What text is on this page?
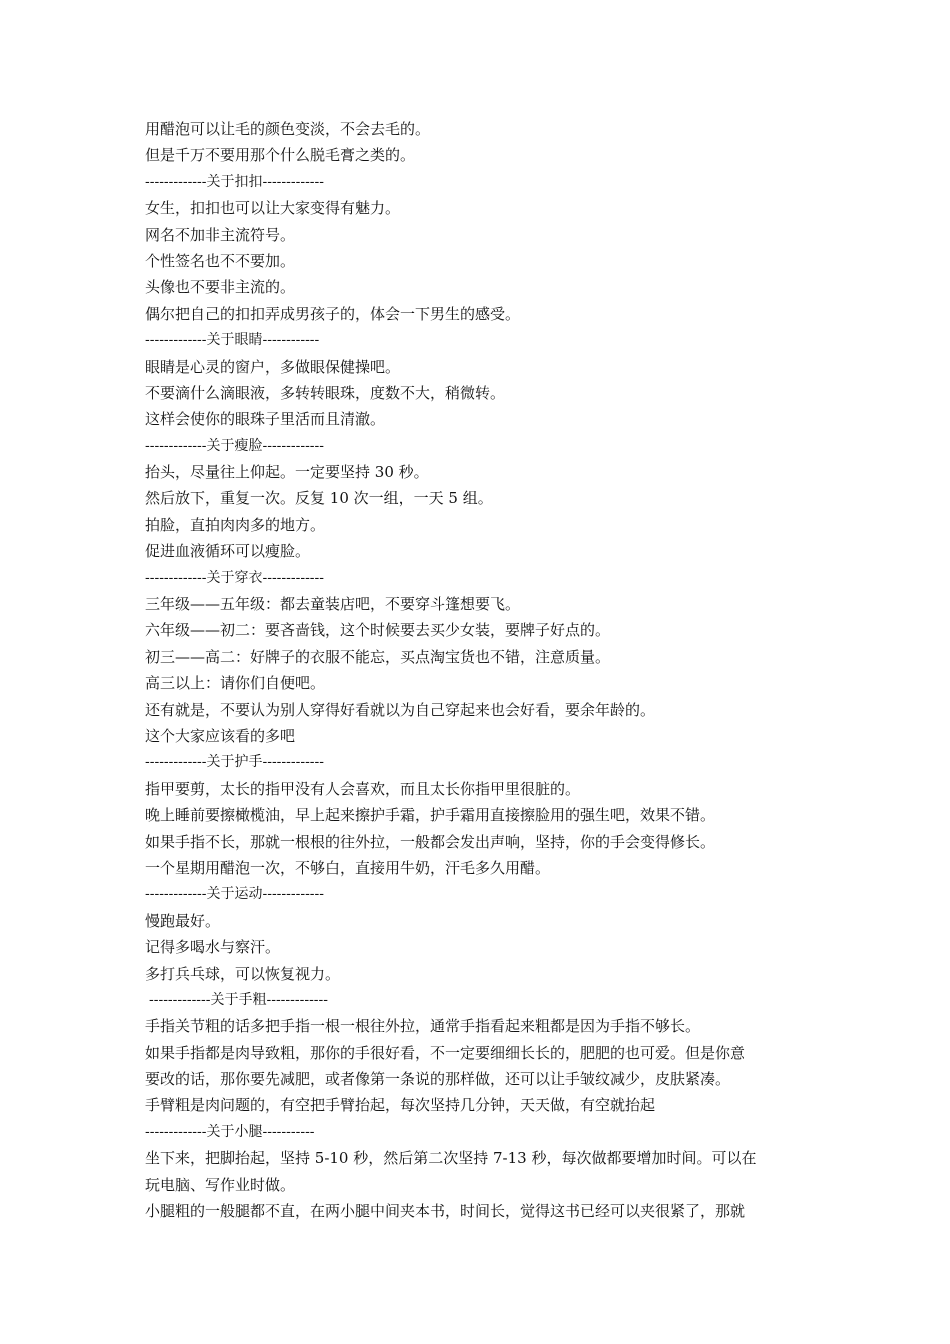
用醋泡可以让毛的颜色变淡，不会去毛的。

但是千万不要用那个什么脱毛膏之类的。

-------------关于扣扣-------------

女生，扣扣也可以让大家变得有魅力。

网名不加非主流符号。

个性签名也不不要加。

头像也不要非主流的。

偶尔把自己的扣扣弄成男孩子的，体会一下男生的感受。

-------------关于眼睛------------

眼睛是心灵的窗户，多做眼保健操吧。

不要滴什么滴眼液，多转转眼珠，度数不大，稍微转。

这样会使你的眼珠子里活而且清澈。

-------------关于瘦脸-------------

抬头，尽量往上仰起。一定要坚持 30 秒。

然后放下，重复一次。反复 10 次一组，一天 5 组。

拍脸，直拍肉肉多的地方。

促进血液循环可以瘦脸。

-------------关于穿衣-------------

三年级——五年级：都去童装店吧，不要穿斗篷想要飞。

六年级——初二：要吝啬钱，这个时候要去买少女装，要牌子好点的。

初三——高二：好牌子的衣服不能忘，买点淘宝货也不错，注意质量。

高三以上：请你们自便吧。

还有就是，不要认为别人穿得好看就以为自己穿起来也会好看，要余年龄的。

这个大家应该看的多吧

-------------关于护手-------------

指甲要剪，太长的指甲没有人会喜欢，而且太长你指甲里很脏的。

晚上睡前要擦橄榄油，早上起来擦护手霜，护手霜用直接擦脸用的强生吧，效果不错。

如果手指不长，那就一根根的往外拉，一般都会发出声响，坚持，你的手会变得修长。

一个星期用醋泡一次，不够白，直接用牛奶，汗毛多久用醋。

-------------关于运动-------------

慢跑最好。

记得多喝水与察汗。

多打兵乓球，可以恢复视力。

-------------关于手粗-------------

手指关节粗的话多把手指一根一根往外拉，通常手指看起来粗都是因为手指不够长。

如果手指都是肉导致粗，那你的手很好看，不一定要细细长长的，肥肥的也可爱。但是你意

要改的话，那你要先减肥，或者像第一条说的那样做，还可以让手皱纹减少，皮肤紧凑。

手臂粗是肉问题的，有空把手臂抬起，每次坚持几分钟，天天做，有空就抬起

-------------关于小腿-----------

坐下来，把脚抬起，坚持 5-10 秒，然后第二次坚持 7-13 秒，每次做都要增加时间。可以在

玩电脑、写作业时做。

小腿粗的一般腿都不直，在两小腿中间夹本书，时间长，觉得这书已经可以夹很紧了，那就
